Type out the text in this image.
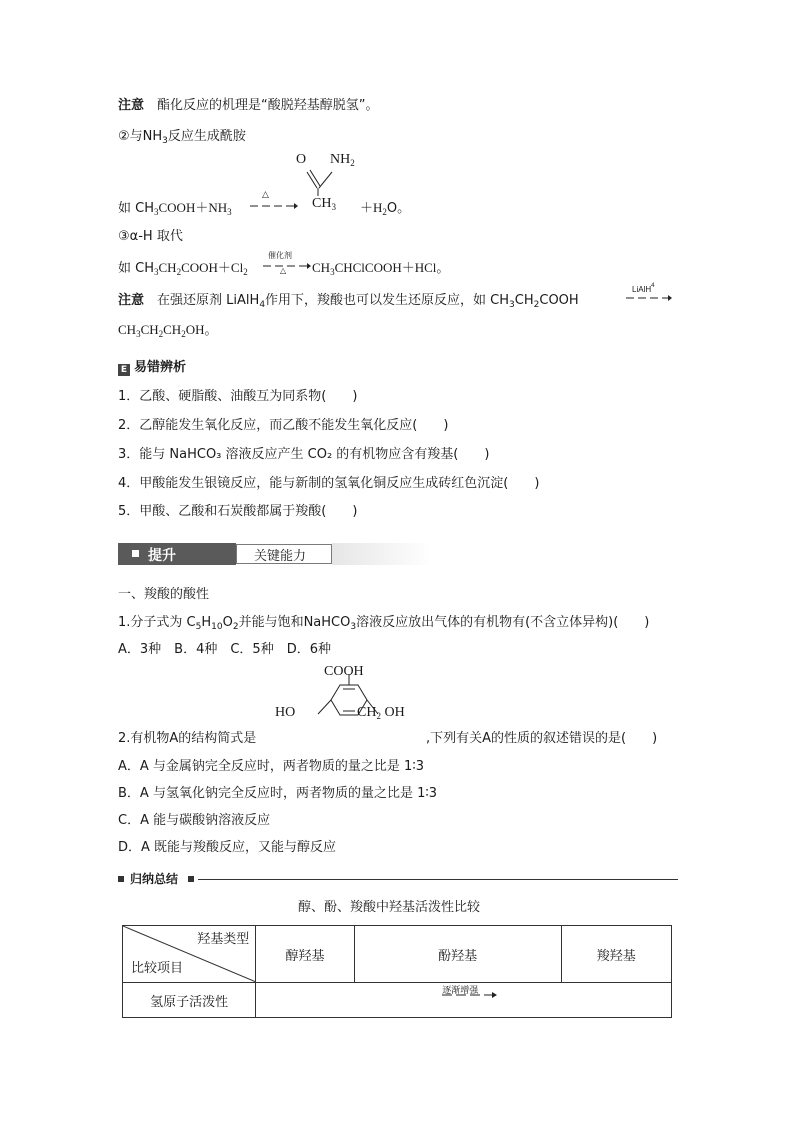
注意　 酯化反应的机理是“酸脱羟基醇脱氢”。
②与$NH_3$反应生成酰胺
O $NH_2$
$CH_3$
如 $CH_3COOH+NH_3$
△
$+H_2O$。
③α-H 取代
如 $CH_3CH_2COOH+Cl_2$
催化剂
△ $CH_3CHClCOOH+HCl$。
注意　 在强还原剂 LiAlH$_4$作用下，羧酸也可以发生还原反应，如 $CH_3CH_2COOH$
LiAlH$^4$
$CH_3CH_2CH_2OH$。
E 易错辨析
1．乙酸、硬脂酸、油酸互为同系物(　　)
2．乙醇能发生氧化反应，而乙酸不能发生氧化反应(　　)
3．能与 NaHCO₃ 溶液反应产生 CO₂ 的有机物应含有羧基(　　)
4．甲酸能发生银镜反应，能与新制的氢氧化铜反应生成砖红色沉淀(　　)
5．甲酸、乙酸和石炭酸都属于羧酸(　　)
提升	关键能力
一、羧酸的酸性
1.分子式为 $C_5H_{10}O_2$并能与饱和NaHCO$_3$溶液反应放出气体的有机物有(不含立体异构)(　　)
A．3种　B．4种　C．5种　D．6种
COOH
HO	$CH_2$ OH
2.有机物A的结构简式是	,下列有关A的性质的叙述错误的是(　　)
A．A 与金属钠完全反应时，两者物质的量之比是 1∶3
B．A 与氢氧化钠完全反应时，两者物质的量之比是 1∶3
C．A 能与碳酸钠溶液反应
D．A 既能与羧酸反应，又能与醇反应
归纳总结
醇、酚、羧酸中羟基活泼性比较
羟基类型
比较项目	醇羟基	酚羟基	羧羟基
氢原子活泼性	逐渐增强		
